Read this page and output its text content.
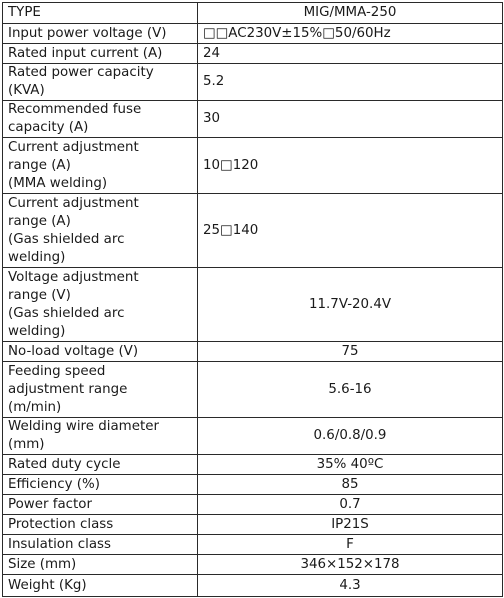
TYPE	MIG/MMA-250
Input power voltage (V)	□□AC230V±15%□50/60Hz
Rated input current (A)	24
Rated power capacity
(KVA)	5.2
Recommended fuse
capacity (A)	30
Current adjustment
range (A)
(MMA welding)	10□120
Current adjustment
range (A)
(Gas shielded arc
welding)	25□140
Voltage adjustment
range (V)
(Gas shielded arc
welding)	11.7V-20.4V
No-load voltage (V)	75
Feeding speed
adjustment range
(m/min)	5.6-16
Welding wire diameter
(mm)	0.6/0.8/0.9
Rated duty cycle	35% 40ºC
Efficiency (%)	85
Power factor	0.7
Protection class	IP21S
Insulation class	F
Size (mm)	346×152×178
Weight (Kg)	4.3
